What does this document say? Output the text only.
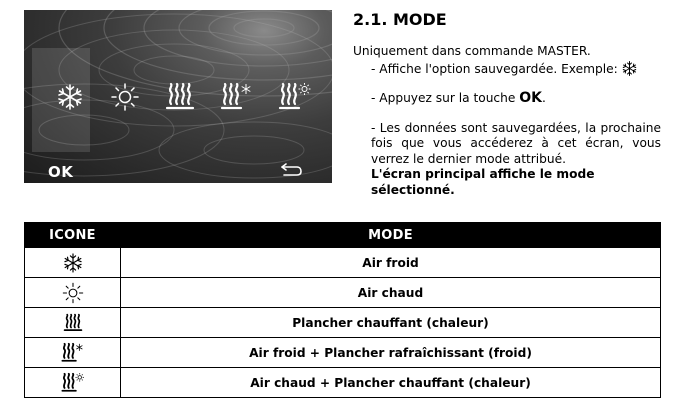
OK
2.1. MODE

Uniquement dans commande MASTER.

- Affiche l'option sauvegardée. Exemple:

- Appuyez sur la touche OK.

- Les données sont sauvegardées, la prochaine fois que vous accéderez à cet écran, vous verrez le dernier mode attribué.

L'écran principal affiche le mode sélectionné.

ICONE	MODE

	Air froid

	Air chaud

	Plancher chauffant (chaleur)

	Air froid + Plancher rafraîchissant (froid)

	Air chaud + Plancher chauffant (chaleur)
